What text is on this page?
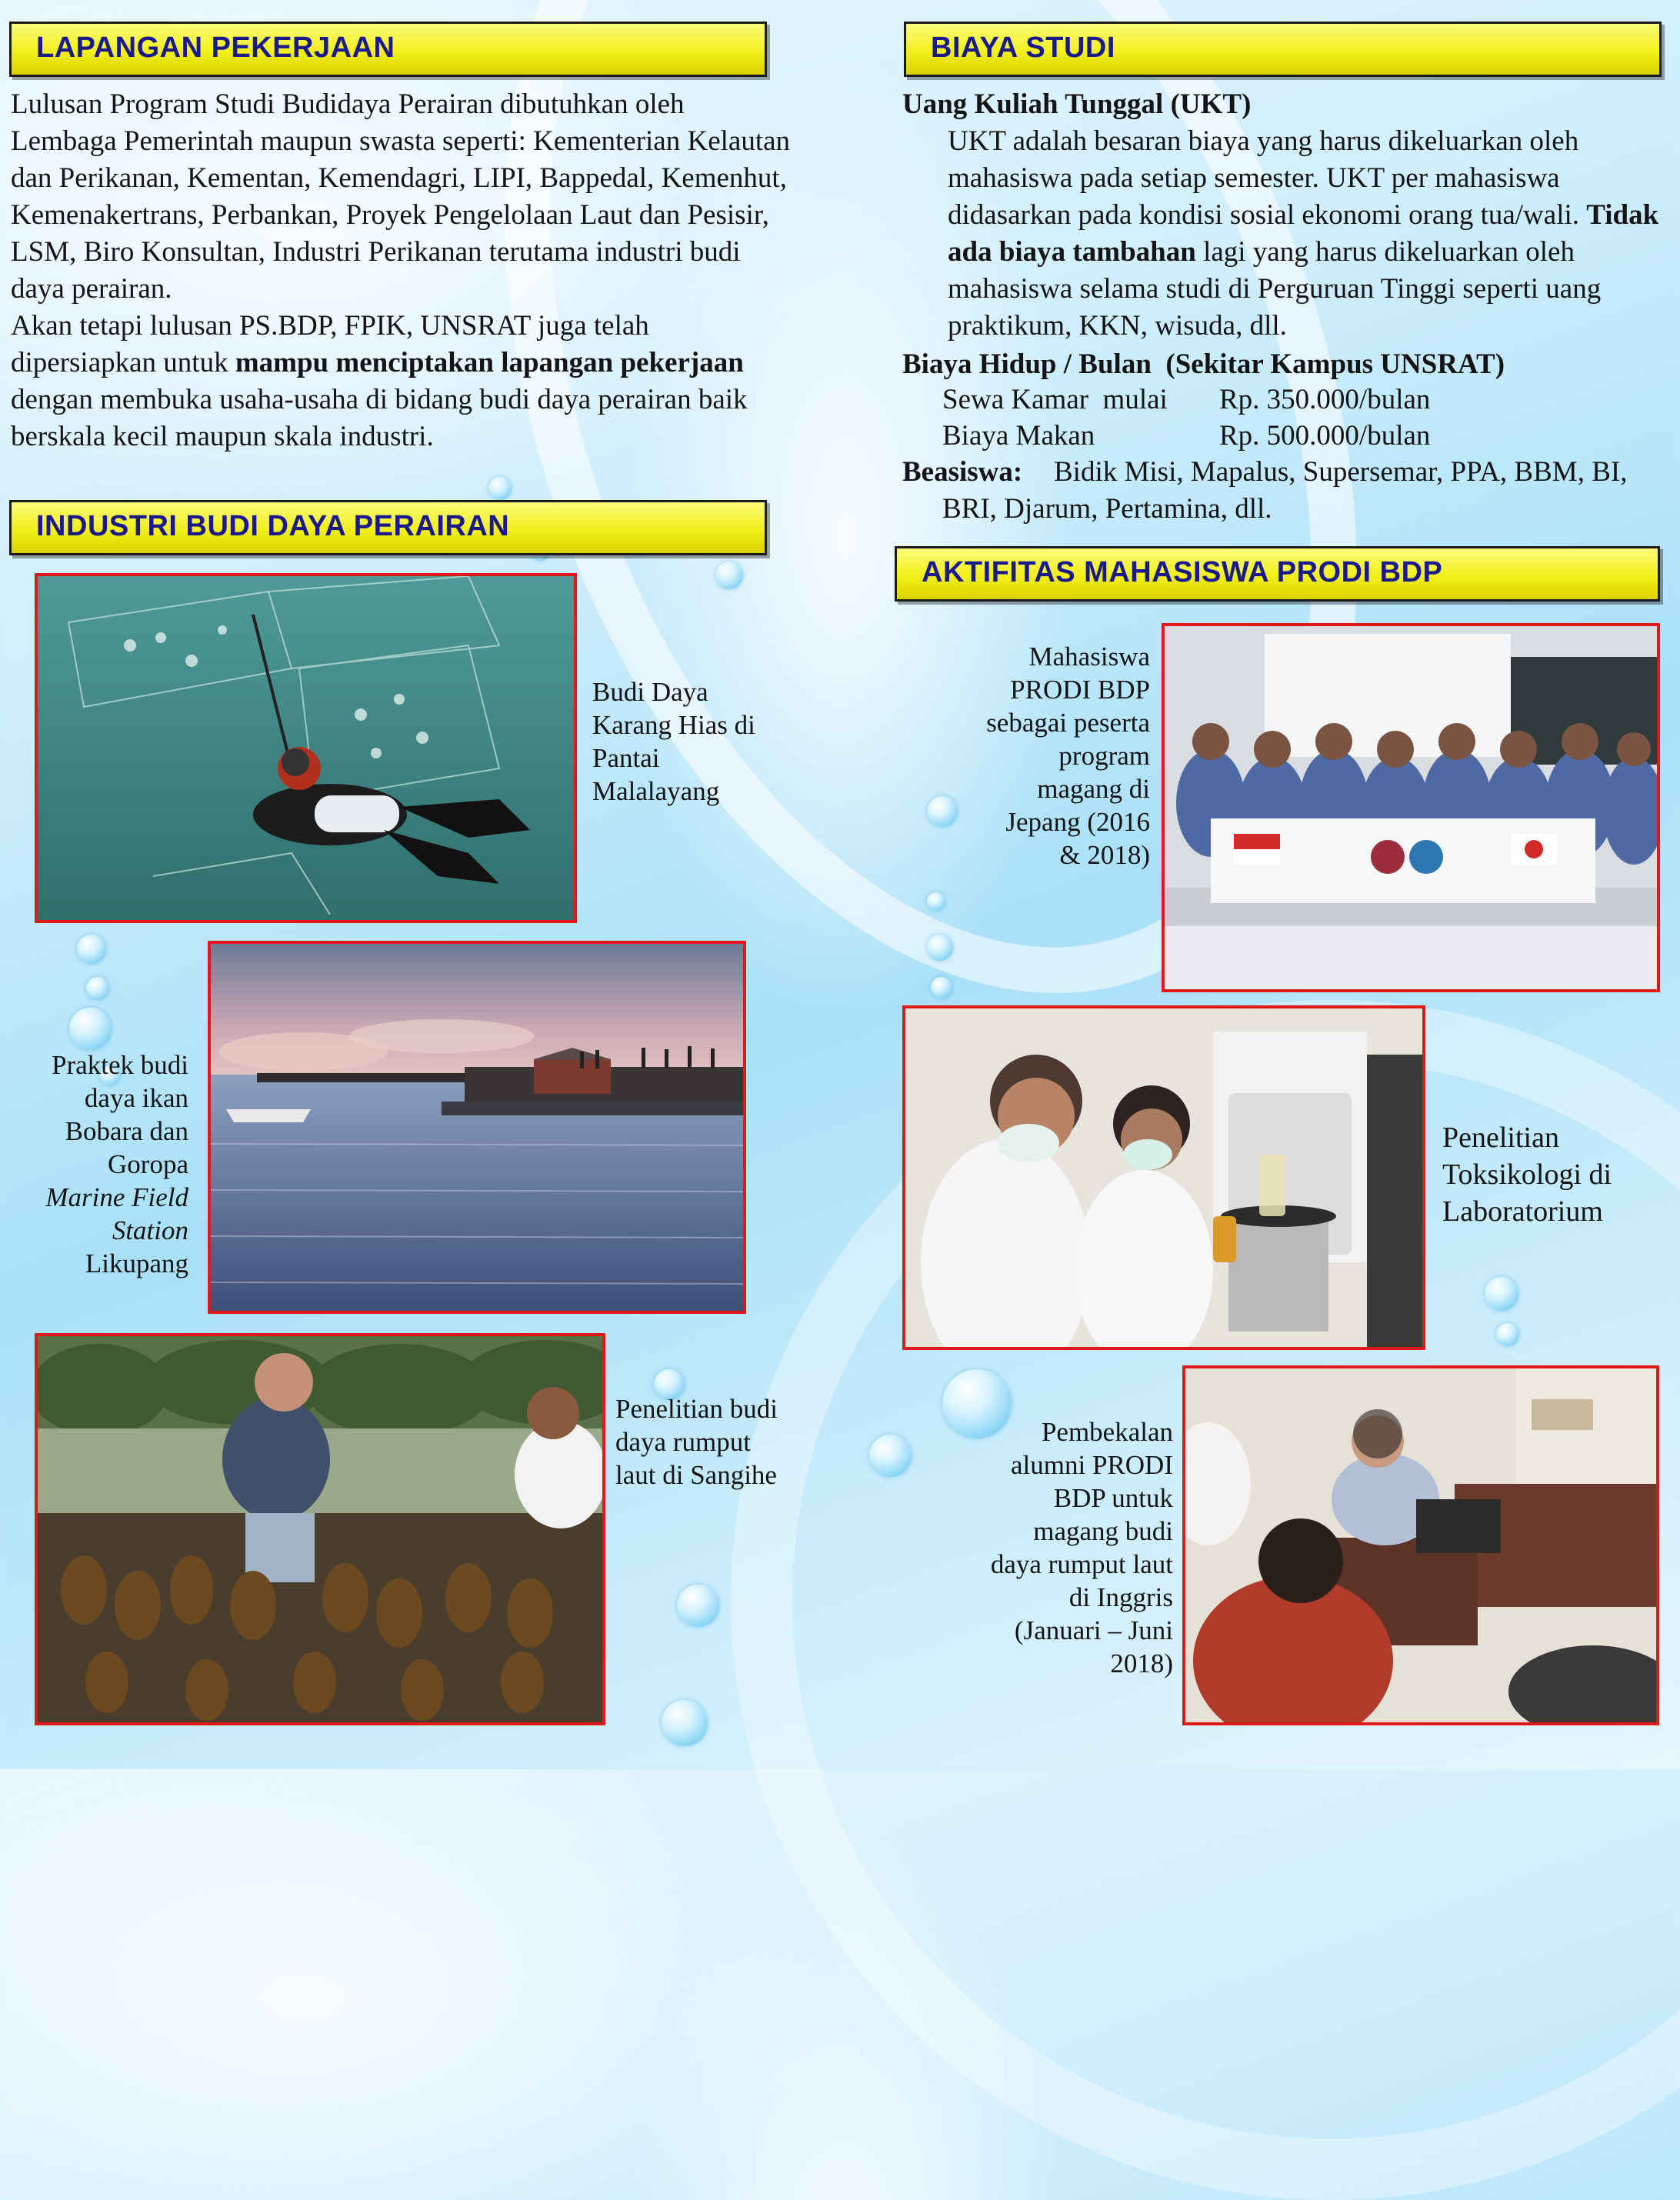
LAPANGAN PEKERJAAN
Lulusan Program Studi Budidaya Perairan dibutuhkan oleh Lembaga Pemerintah maupun swasta seperti: Kementerian Kelautan dan Perikanan, Kementan, Kemendagri, LIPI, Bappedal, Kemenhut, Kemenakertrans, Perbankan, Proyek Pengelolaan Laut dan Pesisir, LSM, Biro Konsultan, Industri Perikanan terutama industri budi daya perairan.
Akan tetapi lulusan PS.BDP, FPIK, UNSRAT juga telah dipersiapkan untuk mampu menciptakan lapangan pekerjaan dengan membuka usaha-usaha di bidang budi daya perairan baik berskala kecil maupun skala industri.
INDUSTRI BUDI DAYA PERAIRAN
Budi Daya Karang Hias di Pantai Malalayang
Praktek budi daya ikan Bobara dan Goropa
Marine Field Station
Likupang
Penelitian budi daya rumput laut di Sangihe
BIAYA STUDI
Uang Kuliah Tunggal (UKT)
UKT adalah besaran biaya yang harus dikeluarkan oleh mahasiswa pada setiap semester. UKT per mahasiswa didasarkan pada kondisi sosial ekonomi orang tua/wali. Tidak ada biaya tambahan lagi yang harus dikeluarkan oleh mahasiswa selama studi di Perguruan Tinggi seperti uang praktikum, KKN, wisuda, dll.
Biaya Hidup / Bulan  (Sekitar Kampus UNSRAT)
Sewa Kamar  mulai Rp. 350.000/bulan
Biaya Makan	Rp. 500.000/bulan
Beasiswa:	Bidik Misi, Mapalus, Supersemar, PPA, BBM, BI, BRI, Djarum, Pertamina, dll.
AKTIFITAS MAHASISWA PRODI BDP
Mahasiswa PRODI BDP sebagai peserta program magang di Jepang (2016 & 2018)
Penelitian Toksikologi di Laboratorium
Pembekalan alumni PRODI BDP untuk magang budi daya rumput laut di Inggris (Januari – Juni 2018)
